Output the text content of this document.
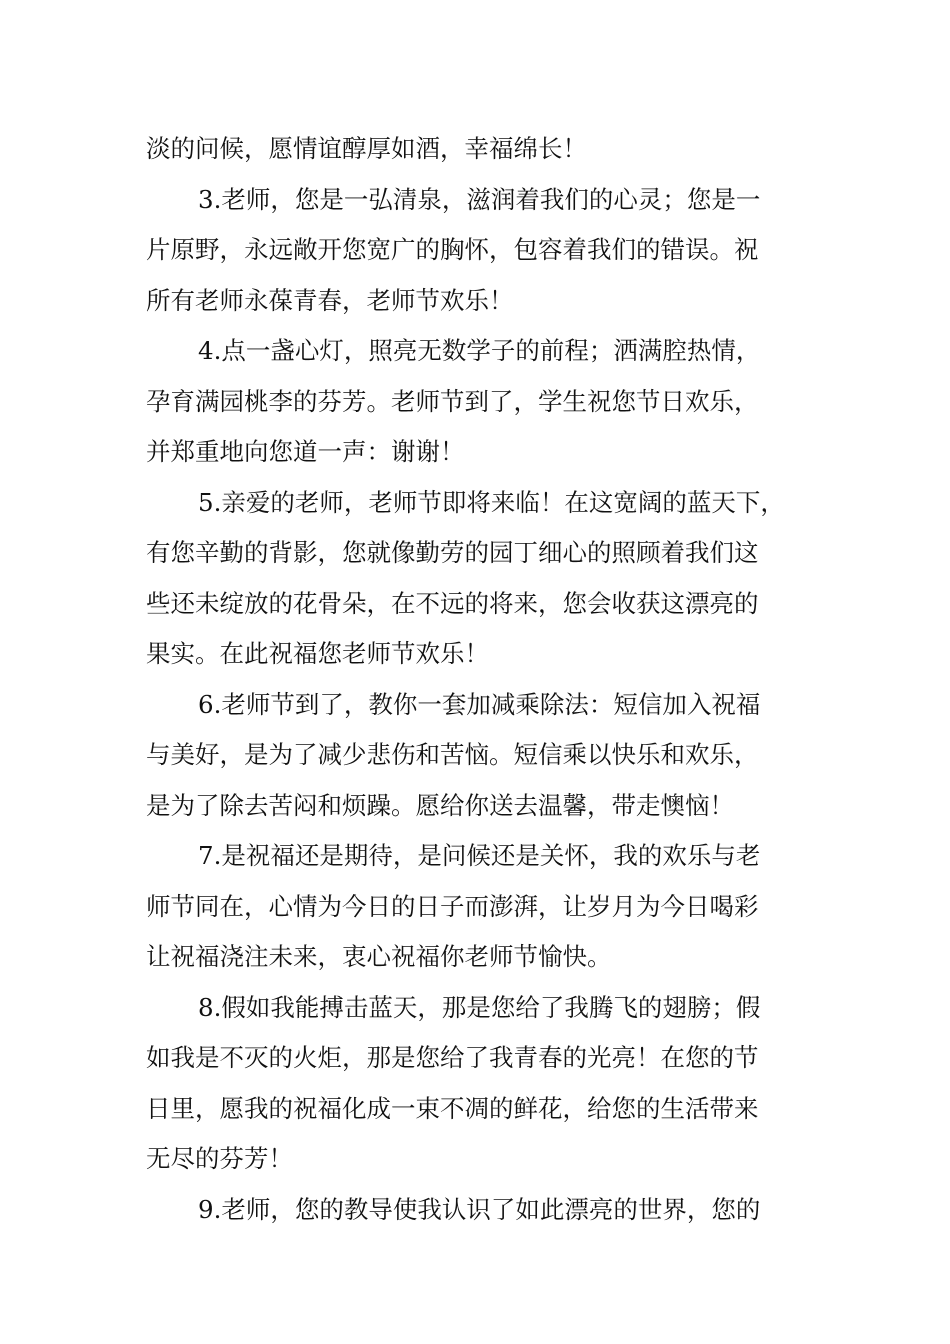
淡的问候，愿情谊醇厚如酒，幸福绵长！
3.老师，您是一弘清泉，滋润着我们的心灵；您是一
片原野，永远敞开您宽广的胸怀，包容着我们的错误。祝
所有老师永葆青春，老师节欢乐！
4.点一盏心灯，照亮无数学子的前程；洒满腔热情，
孕育满园桃李的芬芳。老师节到了，学生祝您节日欢乐，
并郑重地向您道一声：谢谢！
5.亲爱的老师，老师节即将来临！在这宽阔的蓝天下，
有您辛勤的背影，您就像勤劳的园丁细心的照顾着我们这
些还未绽放的花骨朵，在不远的将来，您会收获这漂亮的
果实。在此祝福您老师节欢乐！
6.老师节到了，教你一套加减乘除法：短信加入祝福
与美好，是为了减少悲伤和苦恼。短信乘以快乐和欢乐，
是为了除去苦闷和烦躁。愿给你送去温馨，带走懊恼！
7.是祝福还是期待，是问候还是关怀，我的欢乐与老
师节同在，心情为今日的日子而澎湃，让岁月为今日喝彩
让祝福浇注未来，衷心祝福你老师节愉快。
8.假如我能搏击蓝天，那是您给了我腾飞的翅膀；假
如我是不灭的火炬，那是您给了我青春的光亮！在您的节
日里，愿我的祝福化成一束不凋的鲜花，给您的生活带来
无尽的芬芳！
9.老师，您的教导使我认识了如此漂亮的世界，您的
